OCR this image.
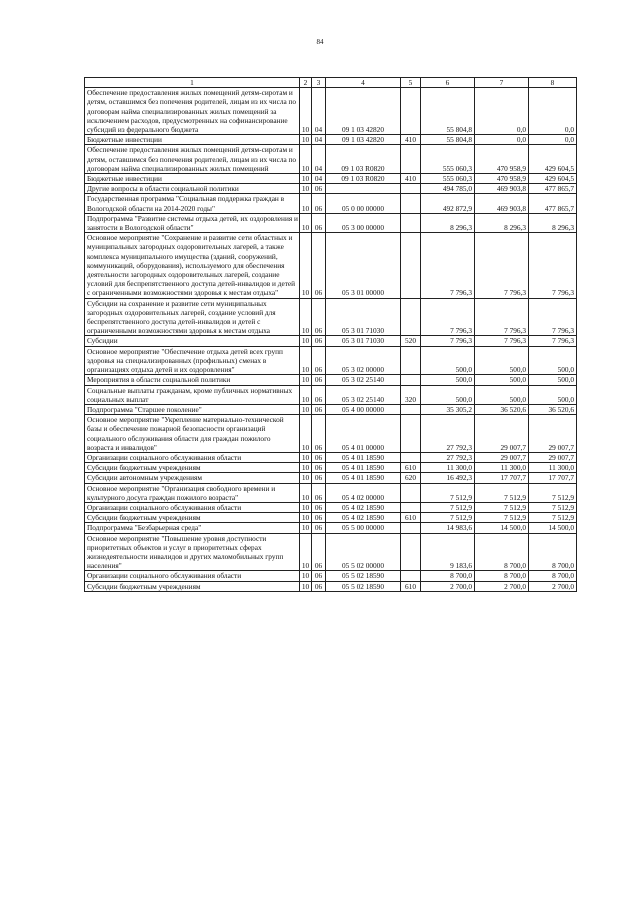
84
1	2	3	4	5	6	7	8
Обеспечение предоставления жилых помещений детям-сиротам и детям, оставшимся без попечения родителей, лицам из их числа по договорам найма специализированных жилых помещений за исключением расходов, предусмотренных на софинансирование субсидий из федерального бюджета	10	04	09 1 03 42820		55 804,8	0,0	0,0
Бюджетные инвестиции	10	04	09 1 03 42820	410	55 804,8	0,0	0,0
Обеспечение предоставления жилых помещений детям-сиротам и детям, оставшимся без попечения родителей, лицам из их числа по договорам найма специализированных жилых помещений	10	04	09 1 03 R0820		555 060,3	470 958,9	429 604,5
Бюджетные инвестиции	10	04	09 1 03 R0820	410	555 060,3	470 958,9	429 604,5
Другие вопросы в области социальной политики	10	06			494 785,0	469 903,8	477 865,7
Государственная программа "Социальная поддержка граждан в Вологодской области на 2014-2020 годы"	10	06	05 0 00 00000		492 872,9	469 903,8	477 865,7
Подпрограмма "Развитие системы отдыха детей, их оздоровления и занятости в Вологодской области"	10	06	05 3 00 00000		8 296,3	8 296,3	8 296,3
Основное мероприятие "Сохранение и развитие сети областных и муниципальных загородных оздоровительных лагерей, а также комплекса муниципального имущества (зданий, сооружений, коммуникаций, оборудования), используемого для обеспечения деятельности загородных оздоровительных лагерей, создание условий для беспрепятственного доступа детей-инвалидов и детей с ограниченными возможностями здоровья к местам отдыха"	10	06	05 3 01 00000		7 796,3	7 796,3	7 796,3
Субсидии на сохранение и развитие сети муниципальных загородных оздоровительных лагерей, создание условий для беспрепятственного доступа детей-инвалидов и детей с ограниченными возможностями здоровья к местам отдыха	10	06	05 3 01 71030		7 796,3	7 796,3	7 796,3
Субсидии	10	06	05 3 01 71030	520	7 796,3	7 796,3	7 796,3
Основное мероприятие "Обеспечение отдыха детей всех групп здоровья на специализированных (профильных) сменах в организациях отдыха детей и их оздоровления"	10	06	05 3 02 00000		500,0	500,0	500,0
Мероприятия в области социальной политики	10	06	05 3 02 25140		500,0	500,0	500,0
Социальные выплаты гражданам, кроме публичных нормативных социальных выплат	10	06	05 3 02 25140	320	500,0	500,0	500,0
Подпрограмма "Старшее поколение"	10	06	05 4 00 00000		35 305,2	36 520,6	36 520,6
Основное мероприятие "Укрепление материально-технической базы и обеспечение пожарной безопасности организаций социального обслуживания области для граждан пожилого возраста и инвалидов"	10	06	05 4 01 00000		27 792,3	29 007,7	29 007,7
Организации социального обслуживания области	10	06	05 4 01 18590		27 792,3	29 007,7	29 007,7
Субсидии бюджетным учреждениям	10	06	05 4 01 18590	610	11 300,0	11 300,0	11 300,0
Субсидии автономным учреждениям	10	06	05 4 01 18590	620	16 492,3	17 707,7	17 707,7
Основное мероприятие "Организация свободного времени и культурного досуга граждан пожилого возраста"	10	06	05 4 02 00000		7 512,9	7 512,9	7 512,9
Организации социального обслуживания области	10	06	05 4 02 18590		7 512,9	7 512,9	7 512,9
Субсидии бюджетным учреждениям	10	06	05 4 02 18590	610	7 512,9	7 512,9	7 512,9
Подпрограмма "Безбарьерная среда"	10	06	05 5 00 00000		14 983,6	14 500,0	14 500,0
Основное мероприятие "Повышение уровня доступности приоритетных объектов и услуг в приоритетных сферах жизнедеятельности инвалидов и других маломобильных групп населения"	10	06	05 5 02 00000		9 183,6	8 700,0	8 700,0
Организации социального обслуживания области	10	06	05 5 02 18590		8 700,0	8 700,0	8 700,0
Субсидии бюджетным учреждениям	10	06	05 5 02 18590	610	2 700,0	2 700,0	2 700,0
